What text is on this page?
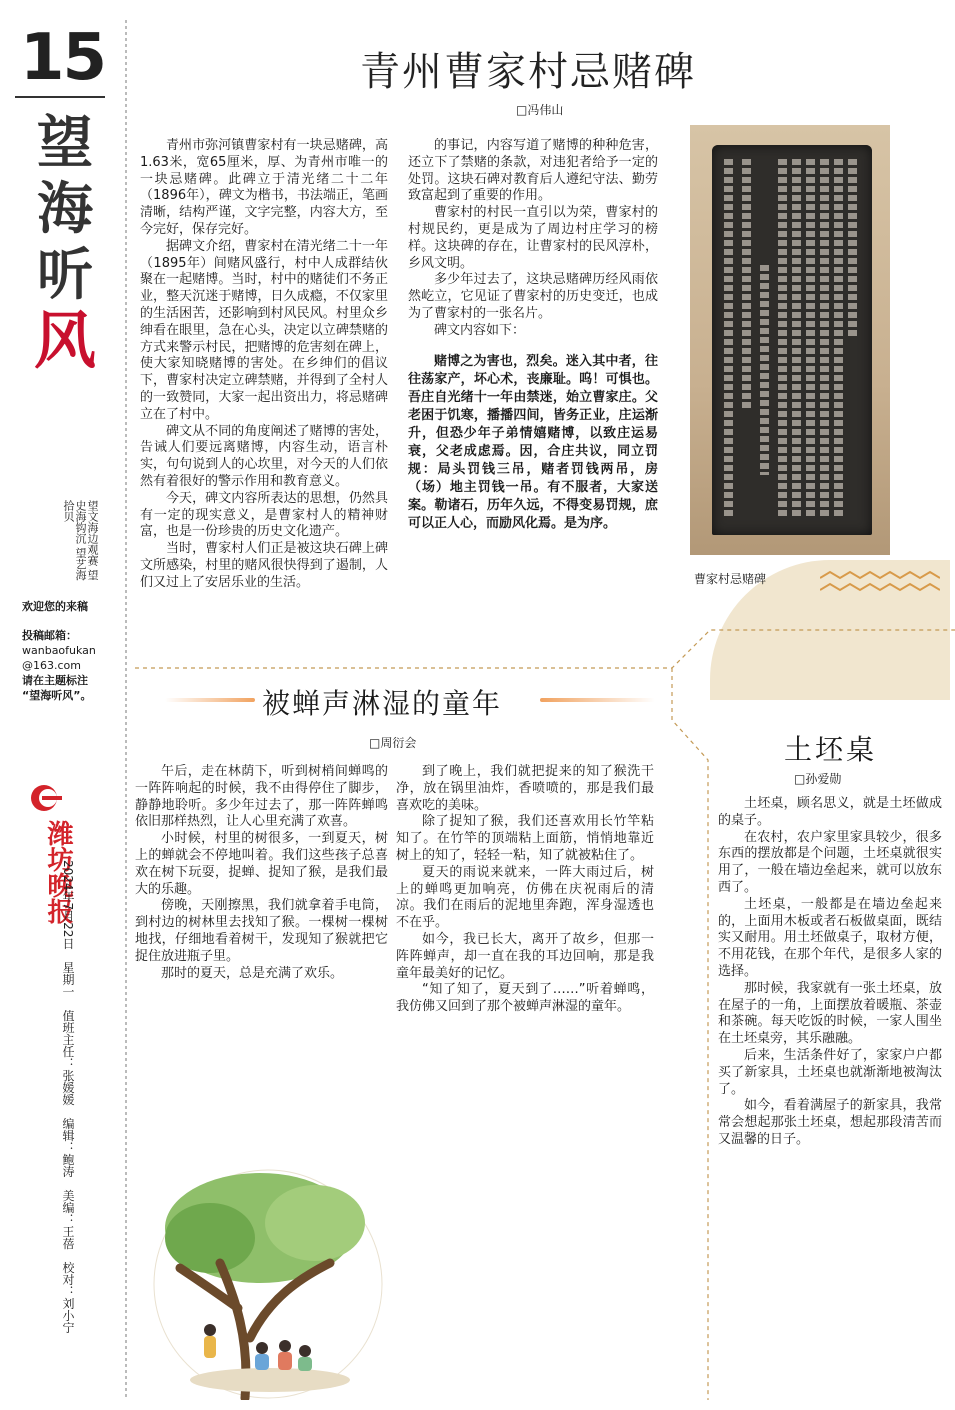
15
望
海
听
风
望文海边观赛 望史海钩沉 望艺海拾贝
欢迎您的来稿
投稿邮箱：
wanbaofukan
@163.com
请在主题标注
“望海听风”。
潍坊晚报
2024年7月22日　星期一　值班主任：张媛媛　编辑：鲍涛　美编：王蓓　校对：刘小宁
青州曹家村忌赌碑
□冯伟山

青州市弥河镇曹家村有一块忌赌碑，高1.63米，宽65厘米，厚、为青州市唯一的一块忌赌碑。此碑立于清光绪二十二年（1896年），碑文为楷书，书法端正，笔画清晰，结构严谨，文字完整，内容大方，至今完好，保存完好。

据碑文介绍，曹家村在清光绪二十一年（1895年）间赌风盛行，村中人成群结伙聚在一起赌博。当时，村中的赌徒们不务正业，整天沉迷于赌博，日久成瘾，不仅家里的生活困苦，还影响到村风民风。村里众乡绅看在眼里，急在心头，决定以立碑禁赌的方式来警示村民，把赌博的危害刻在碑上，使大家知晓赌博的害处。在乡绅们的倡议下，曹家村决定立碑禁赌，并得到了全村人的一致赞同，大家一起出资出力，将忌赌碑立在了村中。

碑文从不同的角度阐述了赌博的害处，告诫人们要远离赌博，内容生动，语言朴实，句句说到人的心坎里，对今天的人们依然有着很好的警示作用和教育意义。

今天，碑文内容所表达的思想，仍然具有一定的现实意义，是曹家村人的精神财富，也是一份珍贵的历史文化遗产。

当时，曹家村人们正是被这块石碑上碑文所感染，村里的赌风很快得到了遏制，人们又过上了安居乐业的生活。

的事记，内容写道了赌博的种种危害，还立下了禁赌的条款，对违犯者给予一定的处罚。这块石碑对教育后人遵纪守法、勤劳致富起到了重要的作用。

曹家村的村民一直引以为荣，曹家村的村规民约，更是成为了周边村庄学习的榜样。这块碑的存在，让曹家村的民风淳朴，乡风文明。

多少年过去了，这块忌赌碑历经风雨依然屹立，它见证了曹家村的历史变迁，也成为了曹家村的一张名片。

碑文内容如下：

赌博之为害也，烈矣。迷入其中者，往往荡家产，坏心术，丧廉耻。呜！可惧也。吾庄自光绪十一年由禁迷，始立曹家庄。父老困于饥寒，播播四间，皆务正业，庄运渐升，但恐少年子弟情嬉赌博，以致庄运易衰，父老成虑焉。因，合庄共议，同立罚规：局头罚钱三吊，赌者罚钱两吊，房（场）地主罚钱一吊。有不服者，大家送案。勒诸石，历年久远，不得变易罚规，庶可以正人心，而励风化焉。是为序。

曹家村忌赌碑
被蝉声淋湿的童年
□周衍会

午后，走在林荫下，听到树梢间蝉鸣的一阵阵响起的时候，我不由得停住了脚步，静静地聆听。多少年过去了，那一阵阵蝉鸣依旧那样热烈，让人心里充满了欢喜。

小时候，村里的树很多，一到夏天，树上的蝉就会不停地叫着。我们这些孩子总喜欢在树下玩耍，捉蝉、捉知了猴，是我们最大的乐趣。

傍晚，天刚擦黑，我们就拿着手电筒，到村边的树林里去找知了猴。一棵树一棵树地找，仔细地看着树干，发现知了猴就把它捉住放进瓶子里。

那时的夏天，总是充满了欢乐。

到了晚上，我们就把捉来的知了猴洗干净，放在锅里油炸，香喷喷的，那是我们最喜欢吃的美味。

除了捉知了猴，我们还喜欢用长竹竿粘知了。在竹竿的顶端粘上面筋，悄悄地靠近树上的知了，轻轻一粘，知了就被粘住了。

夏天的雨说来就来，一阵大雨过后，树上的蝉鸣更加响亮，仿佛在庆祝雨后的清凉。我们在雨后的泥地里奔跑，浑身湿透也不在乎。

如今，我已长大，离开了故乡，但那一阵阵蝉声，却一直在我的耳边回响，那是我童年最美好的记忆。

“知了知了，夏天到了……”听着蝉鸣，我仿佛又回到了那个被蝉声淋湿的童年。

土坯桌
□孙爱勋

土坯桌，顾名思义，就是土坯做成的桌子。

在农村，农户家里家具较少，很多东西的摆放都是个问题，土坯桌就很实用了，一般在墙边垒起来，就可以放东西了。

土坯桌，一般都是在墙边垒起来的，上面用木板或者石板做桌面，既结实又耐用。用土坯做桌子，取材方便，不用花钱，在那个年代，是很多人家的选择。

那时候，我家就有一张土坯桌，放在屋子的一角，上面摆放着暖瓶、茶壶和茶碗。每天吃饭的时候，一家人围坐在土坯桌旁，其乐融融。

后来，生活条件好了，家家户户都买了新家具，土坯桌也就渐渐地被淘汰了。

如今，看着满屋子的新家具，我常常会想起那张土坯桌，想起那段清苦而又温馨的日子。
